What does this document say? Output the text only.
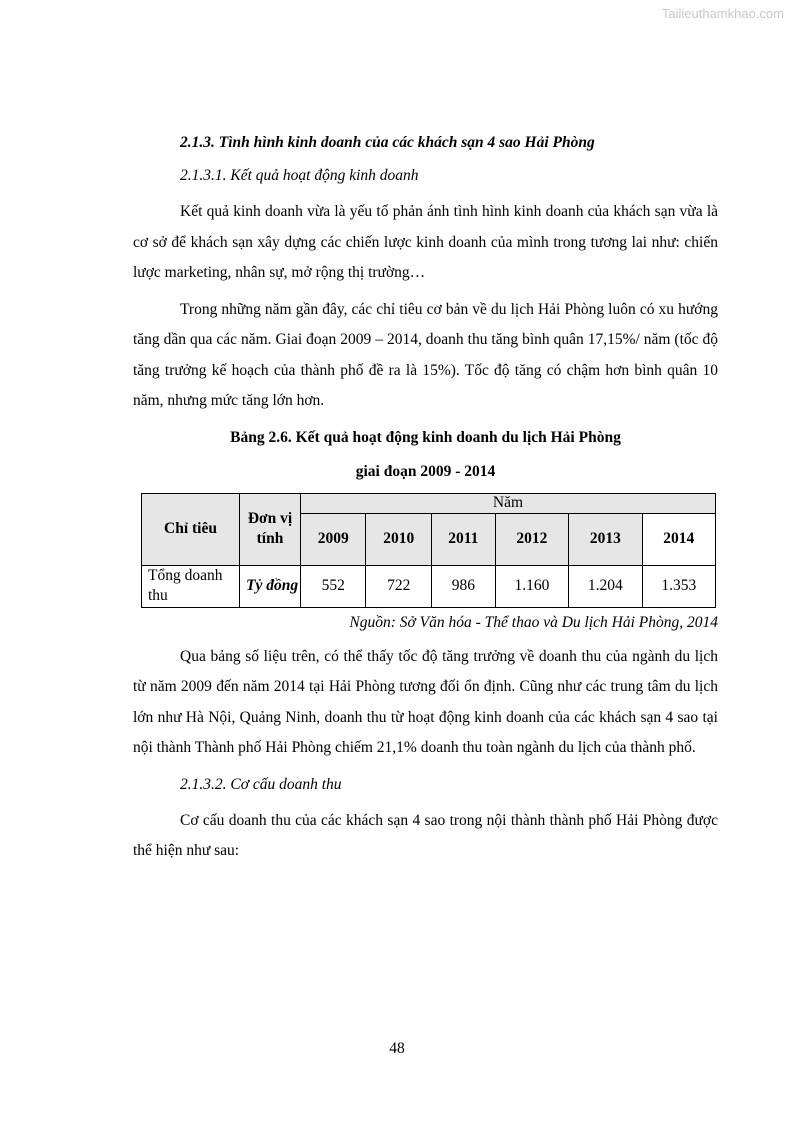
Tailieuthamkhao.com
2.1.3. Tình hình kinh doanh của các khách sạn 4 sao Hải Phòng
2.1.3.1. Kết quả hoạt động kinh doanh

Kết quả kinh doanh vừa là yếu tố phản ánh tình hình kinh doanh của khách sạn vừa là cơ sở để khách sạn xây dựng các chiến lược kinh doanh của mình trong tương lai như: chiến lược marketing, nhân sự, mở rộng thị trường…

Trong những năm gần đây, các chỉ tiêu cơ bản về du lịch Hải Phòng luôn có xu hướng tăng dần qua các năm. Giai đoạn 2009 – 2014, doanh thu tăng bình quân 17,15%/ năm (tốc độ tăng trưởng kế hoạch của thành phố đề ra là 15%). Tốc độ tăng có chậm hơn bình quân 10 năm, nhưng mức tăng lớn hơn.

Bảng 2.6. Kết quả hoạt động kinh doanh du lịch Hải Phòng

giai đoạn 2009 - 2014

Chỉ tiêu	Đơn vị tính	Năm					
		2009	2010	2011	2012	2013	2014
Tổng doanh thu	Tỷ đồng	552	722	986	1.160	1.204	1.353

Nguồn: Sở Văn hóa - Thể thao và Du lịch Hải Phòng, 2014

Qua bảng số liệu trên, có thể thấy tốc độ tăng trưởng về doanh thu của ngành du lịch từ năm 2009 đến năm 2014 tại Hải Phòng tương đối ổn định. Cũng như các trung tâm du lịch lớn như Hà Nội, Quảng Ninh, doanh thu từ hoạt động kinh doanh của các khách sạn 4 sao tại nội thành Thành phố Hải Phòng chiếm 21,1% doanh thu toàn ngành du lịch của thành phố.

2.1.3.2. Cơ cấu doanh thu

Cơ cấu doanh thu của các khách sạn 4 sao trong nội thành thành phố Hải Phòng được thể hiện như sau:

48
